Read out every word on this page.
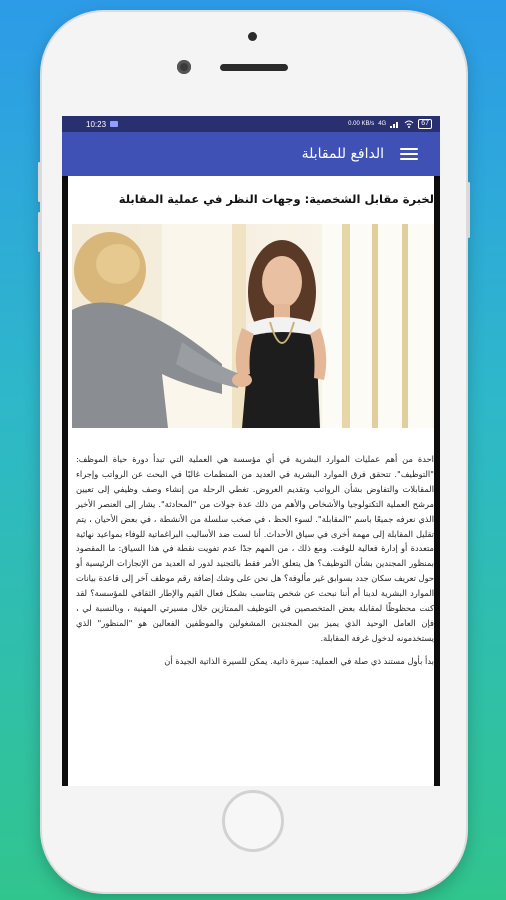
10:23	0.00 KB/s 4G	67
الدافع للمقابلة
لخبرة مقابل الشخصية: وجهات النظر في عملية المقابلة

احدة من أهم عمليات الموارد البشرية في أي مؤسسة هي العملية التي تبدأ دورة حياة الموظف: "التوظيف". تتحقق فرق الموارد البشرية في العديد من المنظمات غالبًا في البحث عن الرواتب وإجراء المقابلات والتفاوض بشأن الرواتب وتقديم العروض. تغطي الرحلة من إنشاء وصف وظيفي إلى تعيين مرشح العملية التكنولوجيا والأشخاص والأهم من ذلك عدة جولات من "المحادثة". يشار إلى العنصر الأخير الذي نعرفه جميعًا باسم "المقابلة". لسوء الحظ ، في صخب سلسلة من الأنشطة ، في بعض الأحيان ، يتم تقليل المقابلة إلى مهمة أخرى في سياق الأحداث. أنا لست ضد الأساليب البراغماتية للوفاء بمواعيد نهائية متعددة أو إدارة فعالية للوقت. ومع ذلك ، من المهم جدًا عدم تفويت نقطة في هذا السياق: ما المقصود بمنظور المجندين بشأن التوظيف؟ هل يتعلق الأمر فقط بالتجنيد لدور له العديد من الإنجازات الرئيسية أو حول تعريف سكان جدد بسوابق غير مألوفة؟ هل نحن على وشك إضافة رقم موظف آخر إلى قاعدة بيانات الموارد البشرية لدينا أم أننا نبحث عن شخص يتناسب بشكل فعال القيم والإطار الثقافي للمؤسسة؟ لقد كنت محظوظًا لمقابلة بعض المتخصصين في التوظيف الممتازين خلال مسيرتي المهنية ، وبالنسبة لي ، فإن العامل الوحيد الذي يميز بين المجندين المشغولين والموظفين الفعالين هو "المنظور" الذي يستخدمونه لدخول غرفة المقابلة.

بدأ بأول مستند ذي صلة في العملية: سيرة ذاتية. يمكن للسيرة الذاتية الجيدة أن
